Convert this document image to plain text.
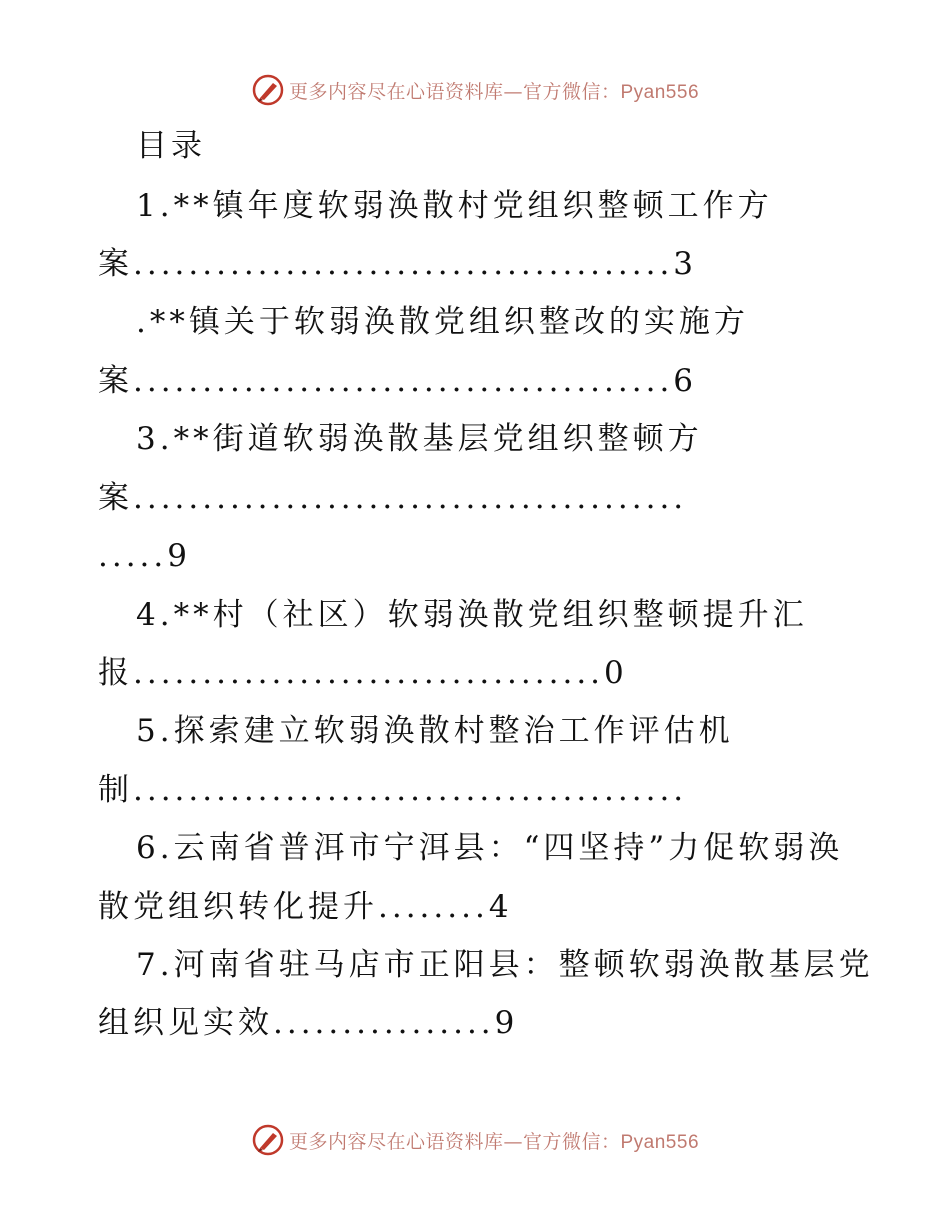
更多内容尽在心语资料库—官方微信：Pyan556
目录
1.**镇年度软弱涣散村党组织整顿工作方
案.......................................3
.**镇关于软弱涣散党组织整改的实施方
案.......................................6
3.**街道软弱涣散基层党组织整顿方
案........................................
.....9
4.**村（社区）软弱涣散党组织整顿提升汇
报..................................0
5.探索建立软弱涣散村整治工作评估机
制........................................
6.云南省普洱市宁洱县：“四坚持”力促软弱涣
散党组织转化提升........4
7.河南省驻马店市正阳县：整顿软弱涣散基层党
组织见实效................9
更多内容尽在心语资料库—官方微信：Pyan556
